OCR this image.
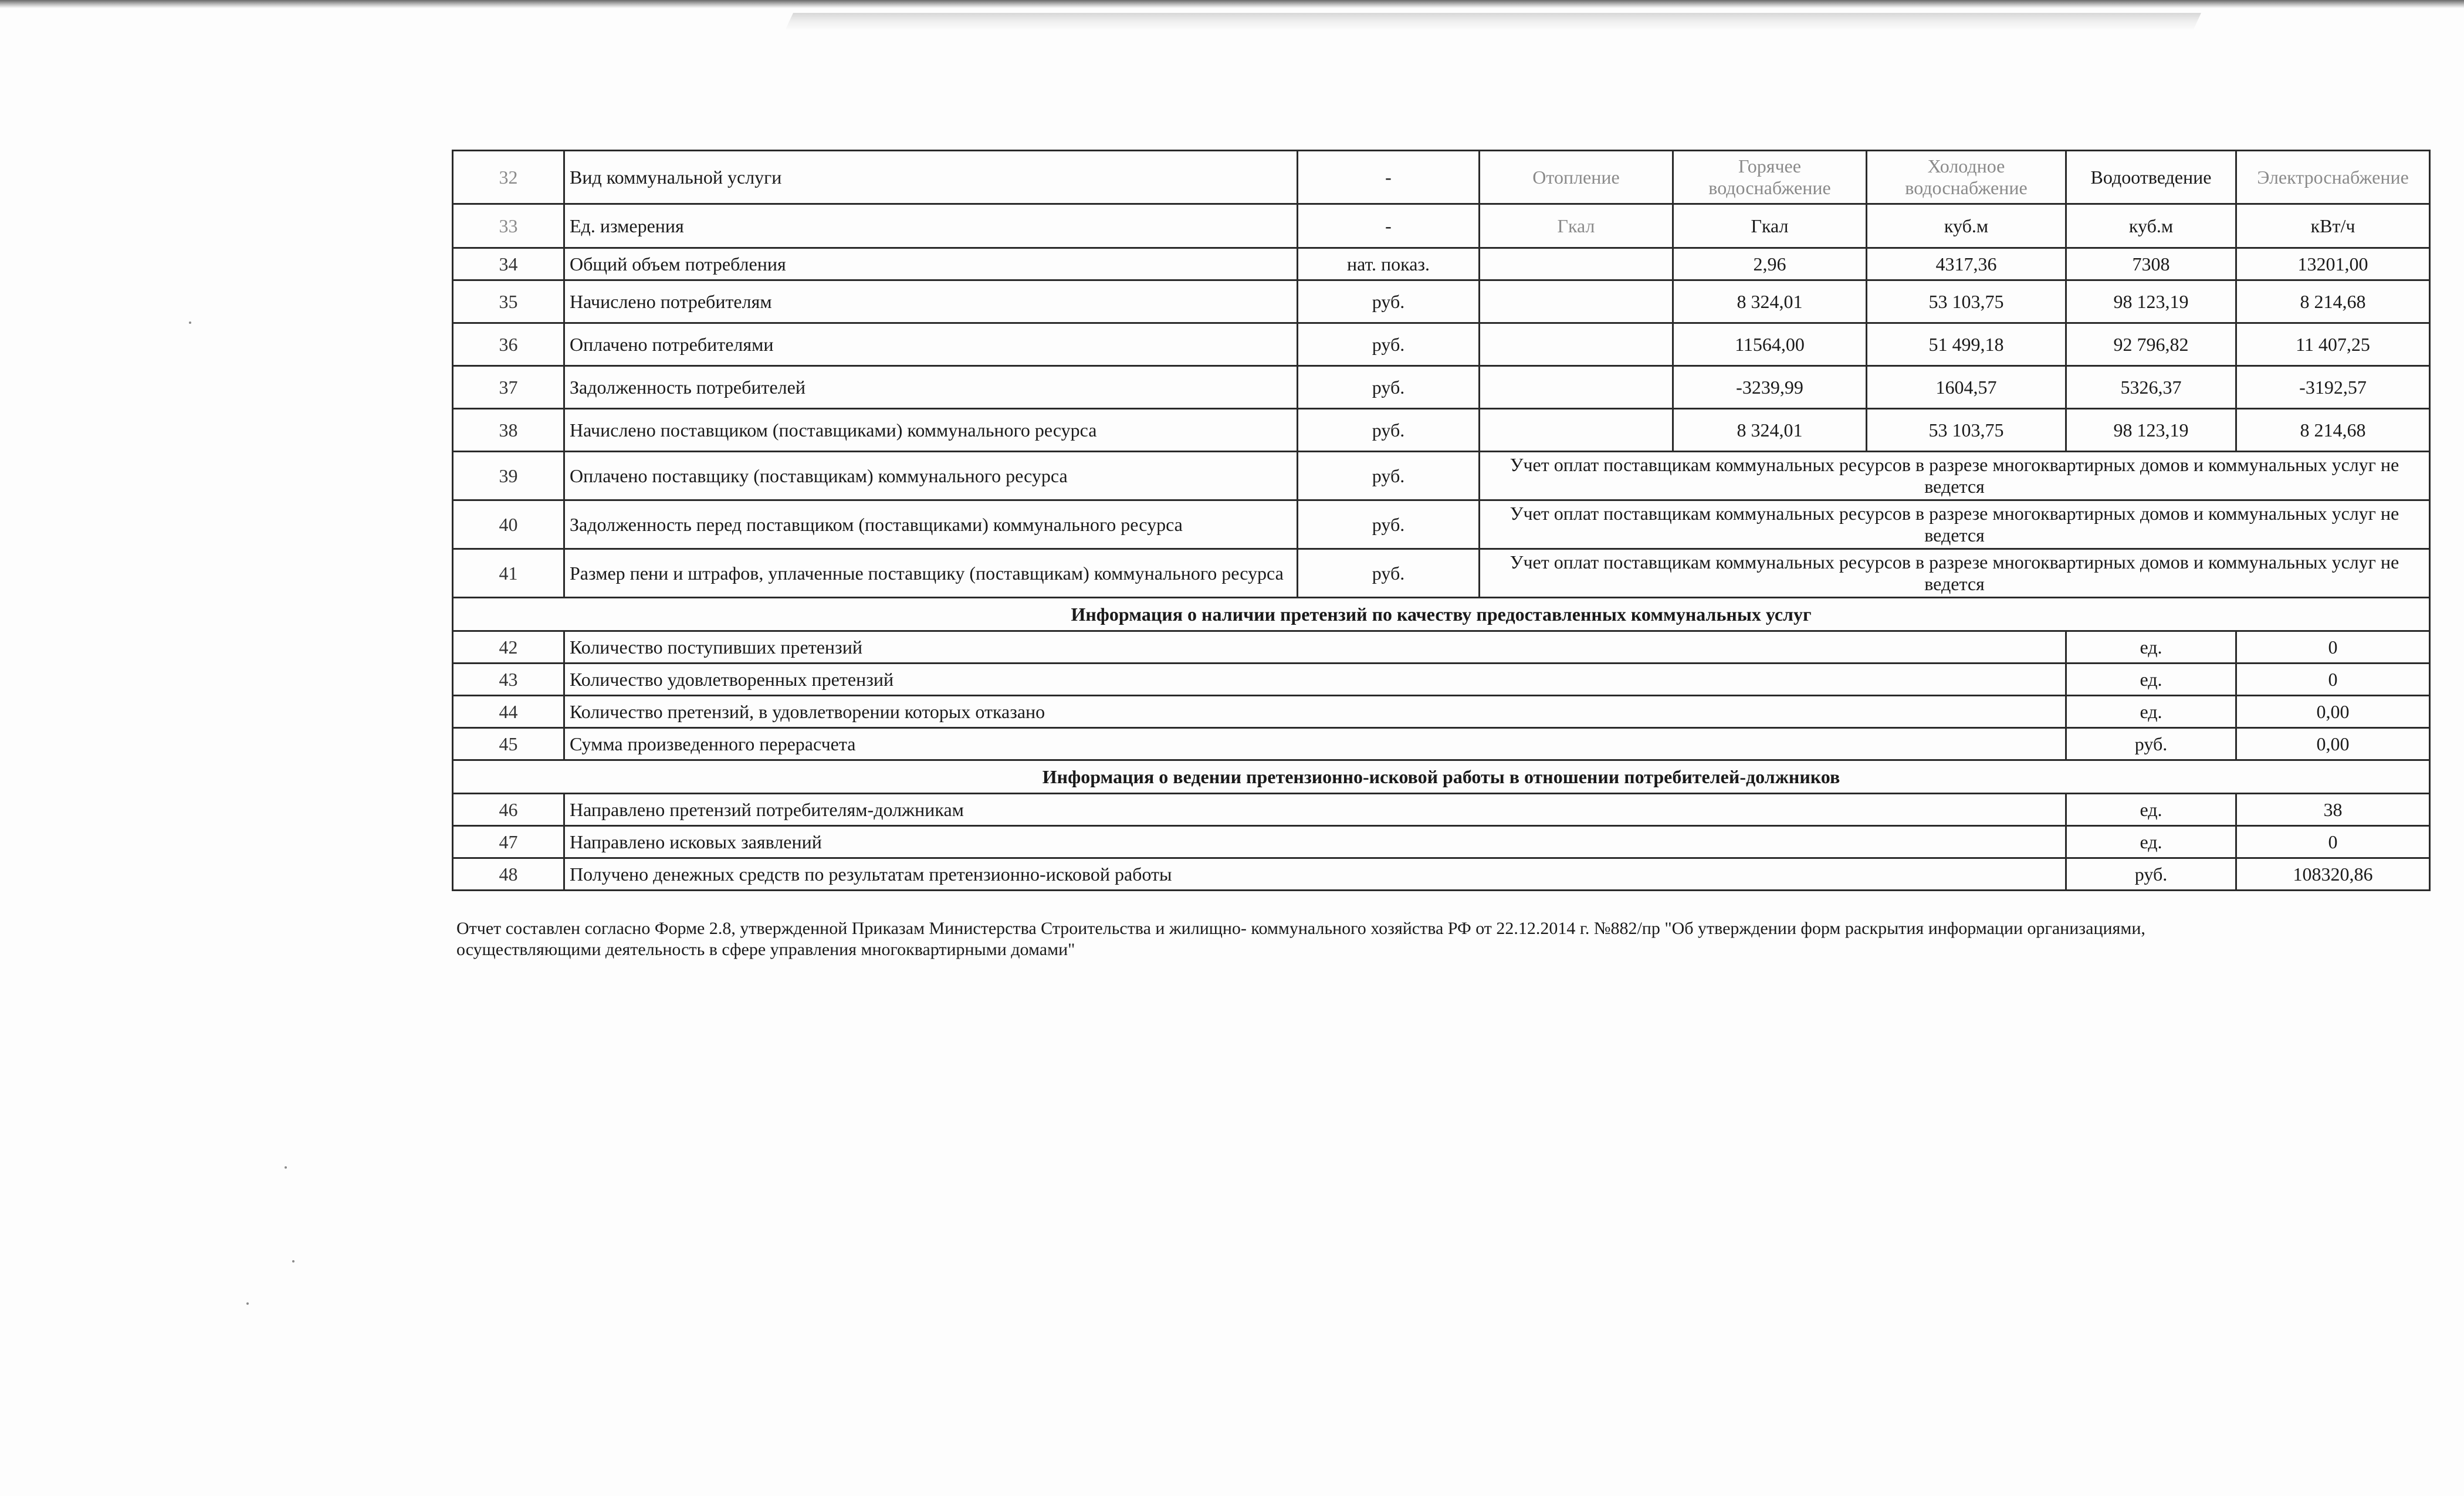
32	Вид коммунальной услуги	-	Отопление	Горячее водоснабжение	Холодное водоснабжение	Водоотведение	Электроснабжение
33	Ед. измерения	-	Гкал	Гкал	куб.м	куб.м	кВт/ч
34	Общий объем потребления	нат. показ.		2,96	4317,36	7308	13201,00
35	Начислено потребителям	руб.		8 324,01	53 103,75	98 123,19	8 214,68
36	Оплачено потребителями	руб.		11564,00	51 499,18	92 796,82	11 407,25
37	Задолженность потребителей	руб.		-3239,99	1604,57	5326,37	-3192,57
38	Начислено поставщиком (поставщиками) коммунального ресурса	руб.		8 324,01	53 103,75	98 123,19	8 214,68
39	Оплачено поставщику (поставщикам) коммунального ресурса	руб.	Учет оплат поставщикам коммунальных ресурсов в разрезе многоквартирных домов и коммунальных услуг не ведется				
40	Задолженность перед поставщиком (поставщиками) коммунального ресурса	руб.	Учет оплат поставщикам коммунальных ресурсов в разрезе многоквартирных домов и коммунальных услуг не ведется				
41	Размер пени и штрафов, уплаченные поставщику (поставщикам) коммунального ресурса	руб.	Учет оплат поставщикам коммунальных ресурсов в разрезе многоквартирных домов и коммунальных услуг не ведется				
Информация о наличии претензий по качеству предоставленных коммунальных услуг							
42	Количество поступивших претензий					ед.	0
43	Количество удовлетворенных претензий					ед.	0
44	Количество претензий, в удовлетворении которых отказано					ед.	0,00
45	Сумма произведенного перерасчета					руб.	0,00
Информация о ведении претензионно-исковой работы в отношении потребителей-должников							
46	Направлено претензий потребителям-должникам					ед.	38
47	Направлено исковых заявлений					ед.	0
48	Получено денежных средств по результатам претензионно-исковой работы					руб.	108320,86
Отчет составлен согласно Форме 2.8, утвержденной Приказам Министерства Строительства и жилищно- коммунального хозяйства РФ от 22.12.2014 г. №882/пр "Об утверждении форм раскрытия информации организациями, осуществляющими деятельность в сфере управления многоквартирными домами"
